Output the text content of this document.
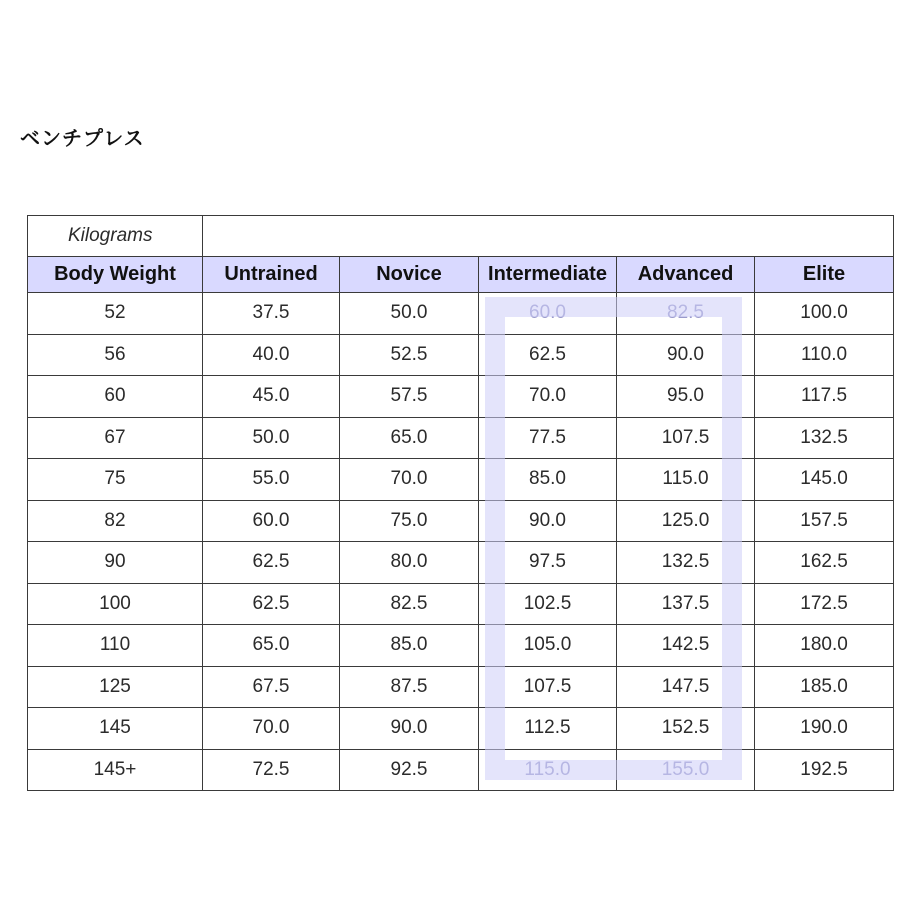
ベンチプレス
Kilograms					
Body Weight	Untrained	Novice	Intermediate	Advanced	Elite
52	37.5	50.0	60.0	82.5	100.0
56	40.0	52.5	62.5	90.0	110.0
60	45.0	57.5	70.0	95.0	117.5
67	50.0	65.0	77.5	107.5	132.5
75	55.0	70.0	85.0	115.0	145.0
82	60.0	75.0	90.0	125.0	157.5
90	62.5	80.0	97.5	132.5	162.5
100	62.5	82.5	102.5	137.5	172.5
110	65.0	85.0	105.0	142.5	180.0
125	67.5	87.5	107.5	147.5	185.0
145	70.0	90.0	112.5	152.5	190.0
145+	72.5	92.5	115.0	155.0	192.5
